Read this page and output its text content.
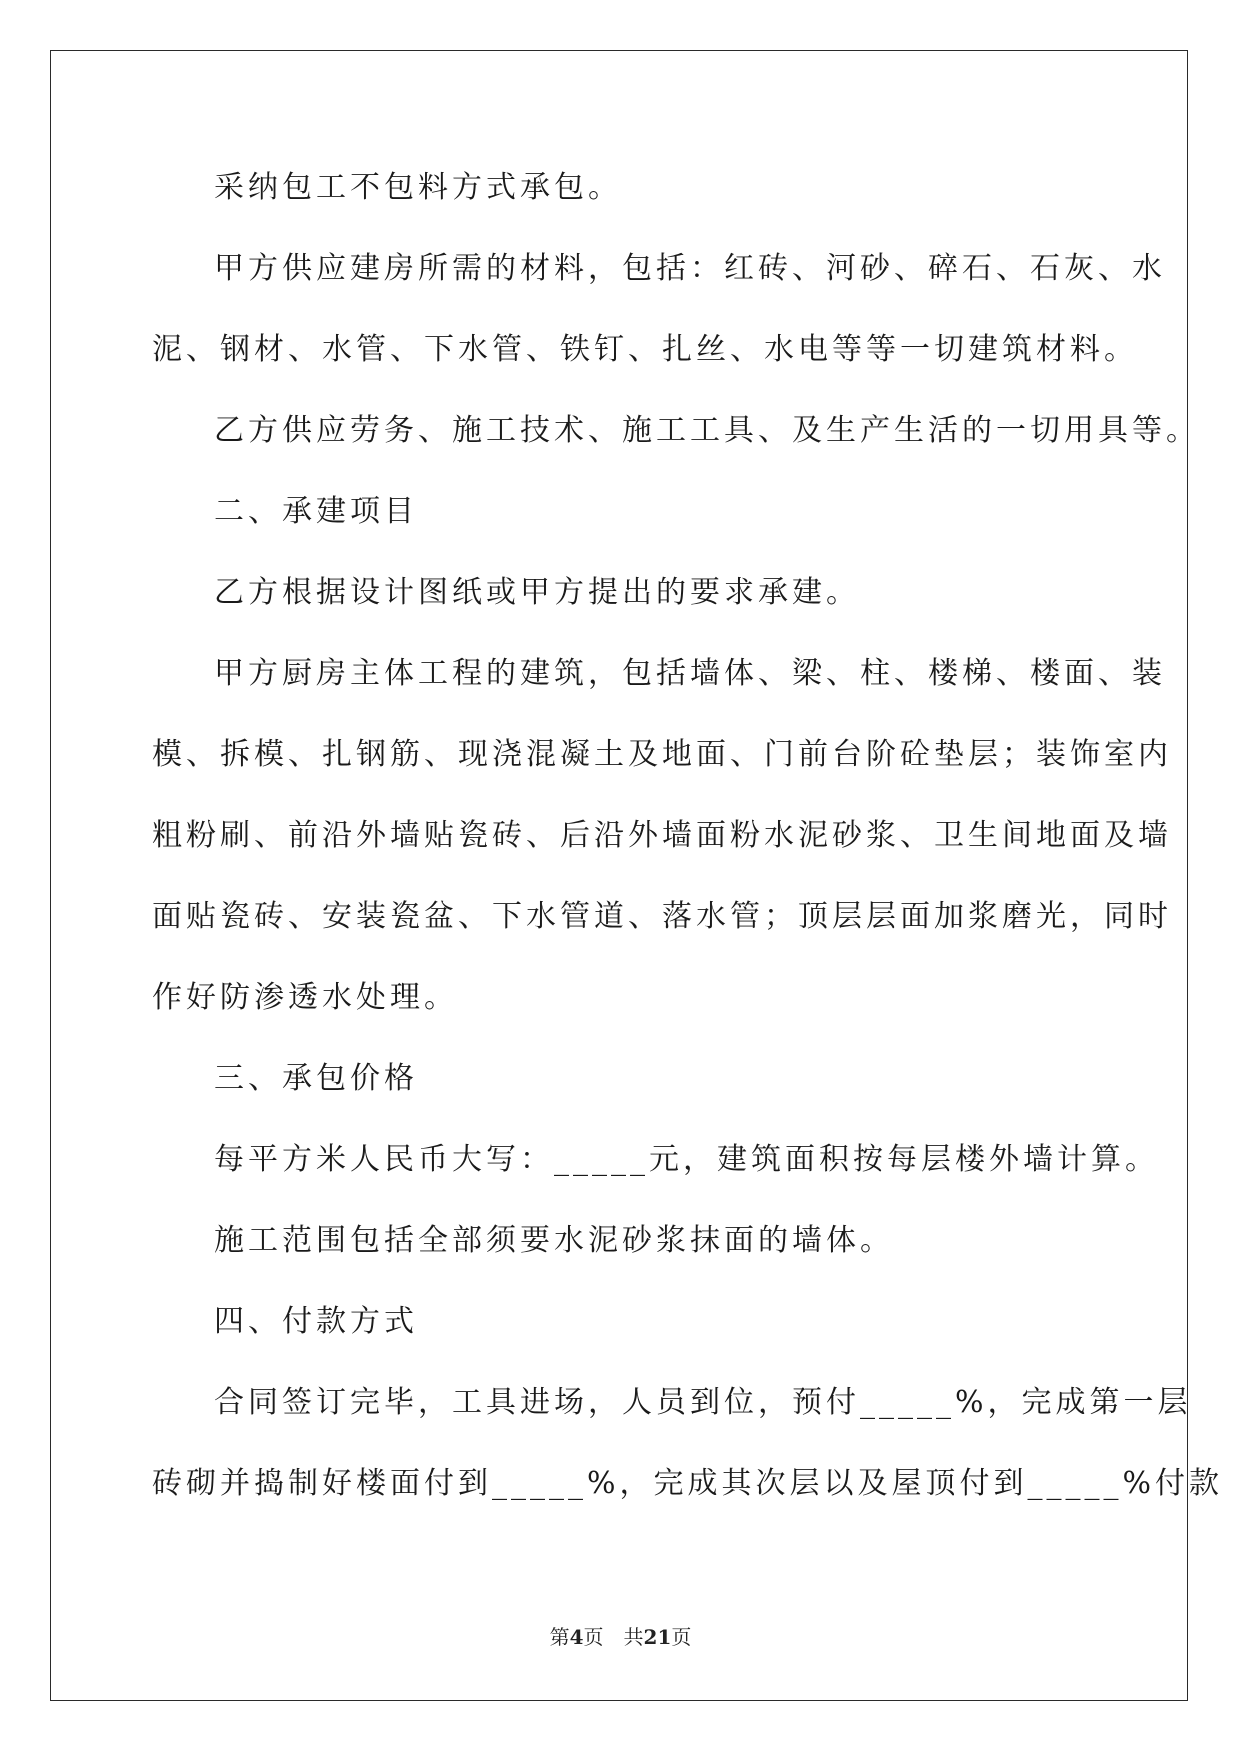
采纳包工不包料方式承包。

甲方供应建房所需的材料，包括：红砖、河砂、碎石、石灰、水

泥、钢材、水管、下水管、铁钉、扎丝、水电等等一切建筑材料。

乙方供应劳务、施工技术、施工工具、及生产生活的一切用具等。

二、承建项目

乙方根据设计图纸或甲方提出的要求承建。

甲方厨房主体工程的建筑，包括墙体、梁、柱、楼梯、楼面、装

模、拆模、扎钢筋、现浇混凝土及地面、门前台阶砼垫层；装饰室内

粗粉刷、前沿外墙贴瓷砖、后沿外墙面粉水泥砂浆、卫生间地面及墙

面贴瓷砖、安装瓷盆、下水管道、落水管；顶层层面加浆磨光，同时

作好防渗透水处理。

三、承包价格

每平方米人民币大写：_____元，建筑面积按每层楼外墙计算。

施工范围包括全部须要水泥砂浆抹面的墙体。

四、付款方式

合同签订完毕，工具进场，人员到位，预付_____%，完成第一层

砖砌并捣制好楼面付到_____%，完成其次层以及屋顶付到_____%付款

第4页　共21页
